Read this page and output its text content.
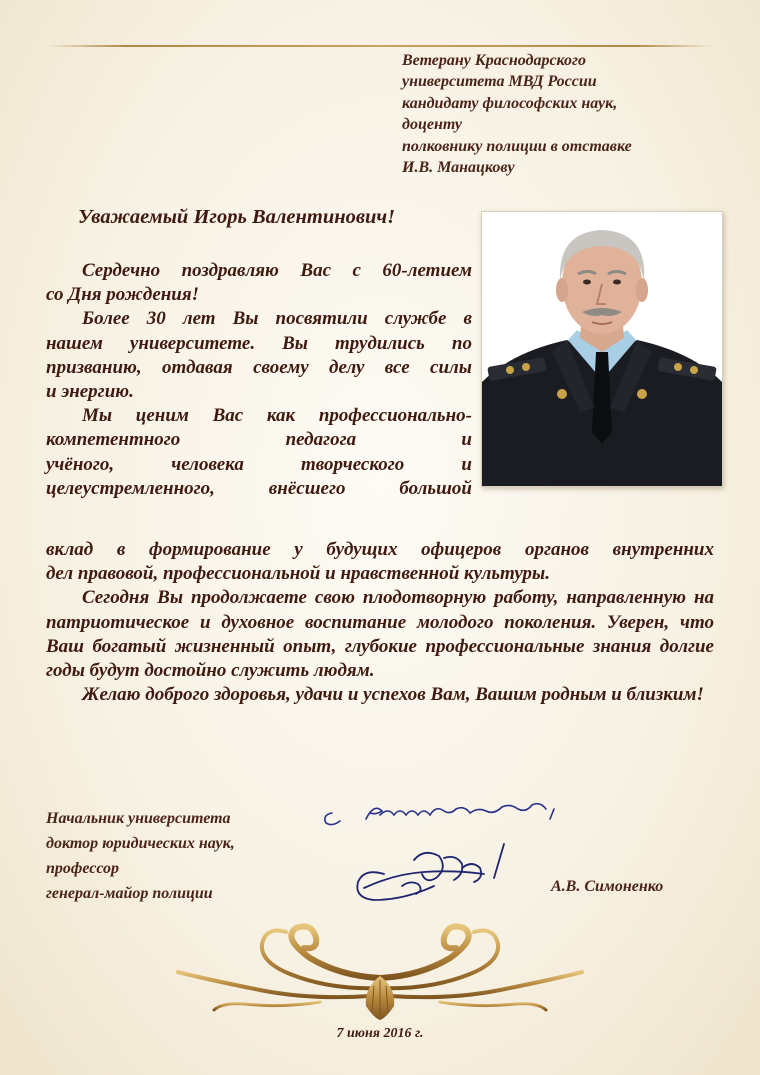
Ветерану Краснодарского
университета МВД России
кандидату философских наук,
доценту
полковнику полиции в отставке
И.В. Манацкову
Уважаемый Игорь Валентинович!

Сердечно поздравляю Вас с 60-летием

со Дня рождения!

Более 30 лет Вы посвятили службе в

нашем университете. Вы трудились по

призванию, отдавая своему делу все силы

и энергию.

Мы ценим Вас как профессионально-

компетентного педагога и

учёного, человека творческого и

целеустремленного, внёсшего большой

вклад в формирование у будущих офицеров органов внутренних

дел правовой, профессиональной и нравственной культуры.

Сегодня Вы продолжаете свою плодотворную работу, направленную на патриотическое и духовное воспитание молодого поколения. Уверен, что Ваш богатый жизненный опыт, глубокие профессиональные знания долгие годы будут достойно служить людям.

Желаю доброго здоровья, удачи и успехов Вам, Вашим родным и близким!

Начальник университета
доктор юридических наук,
профессор
генерал-майор полиции	А.В. Симоненко
7 июня 2016 г.
